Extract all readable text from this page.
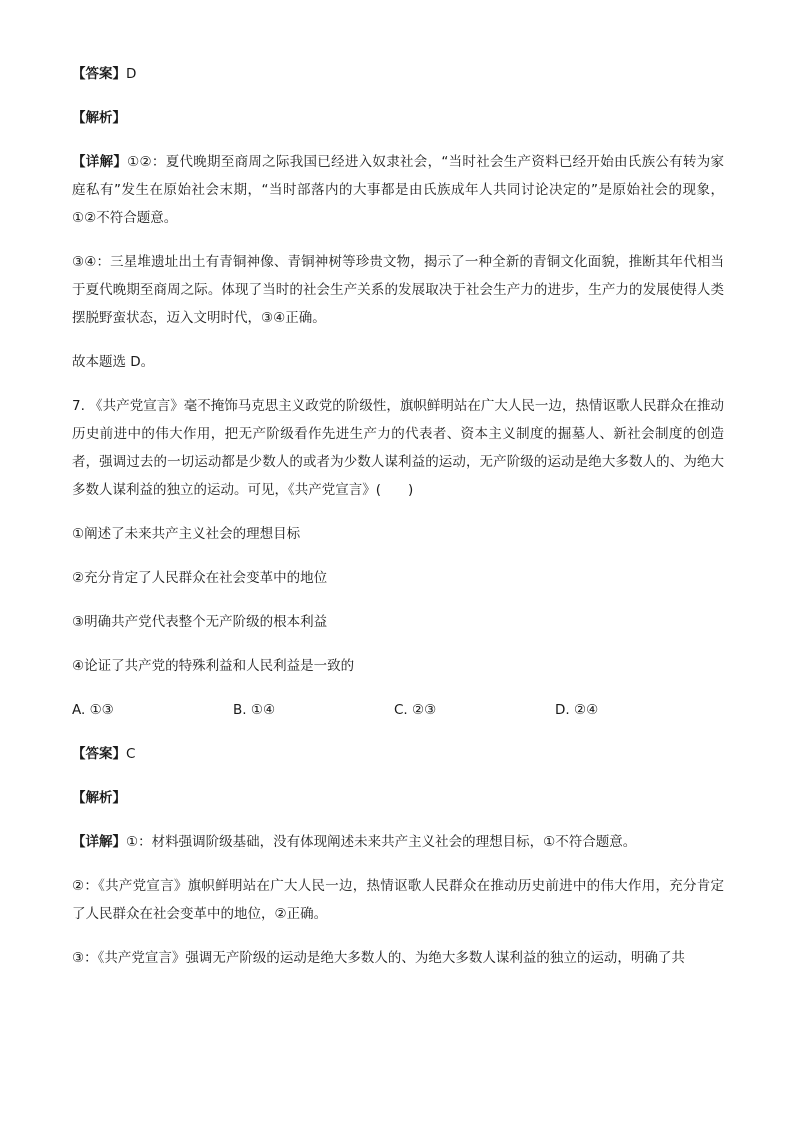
【答案】D

【解析】

【详解】①②：夏代晚期至商周之际我国已经进入奴隶社会，“当时社会生产资料已经开始由氏族公有转为家庭私有”发生在原始社会末期，“当时部落内的大事都是由氏族成年人共同讨论决定的”是原始社会的现象，①②不符合题意。

③④：三星堆遗址出土有青铜神像、青铜神树等珍贵文物，揭示了一种全新的青铜文化面貌，推断其年代相当于夏代晚期至商周之际。体现了当时的社会生产关系的发展取决于社会生产力的进步，生产力的发展使得人类摆脱野蛮状态，迈入文明时代，③④正确。

故本题选 D。

7. 《共产党宣言》毫不掩饰马克思主义政党的阶级性，旗帜鲜明站在广大人民一边，热情讴歌人民群众在推动历史前进中的伟大作用，把无产阶级看作先进生产力的代表者、资本主义制度的掘墓人、新社会制度的创造者，强调过去的一切运动都是少数人的或者为少数人谋利益的运动，无产阶级的运动是绝大多数人的、为绝大多数人谋利益的独立的运动。可见，《共产党宣言》(　　)

①阐述了未来共产主义社会的理想目标

②充分肯定了人民群众在社会变革中的地位

③明确共产党代表整个无产阶级的根本利益

④论证了共产党的特殊利益和人民利益是一致的

A. ①③	B. ①④	C. ②③	D. ②④

【答案】C

【解析】

【详解】①：材料强调阶级基础，没有体现阐述未来共产主义社会的理想目标，①不符合题意。

②：《共产党宣言》旗帜鲜明站在广大人民一边，热情讴歌人民群众在推动历史前进中的伟大作用，充分肯定了人民群众在社会变革中的地位，②正确。

③：《共产党宣言》强调无产阶级的运动是绝大多数人的、为绝大多数人谋利益的独立的运动，明确了共
